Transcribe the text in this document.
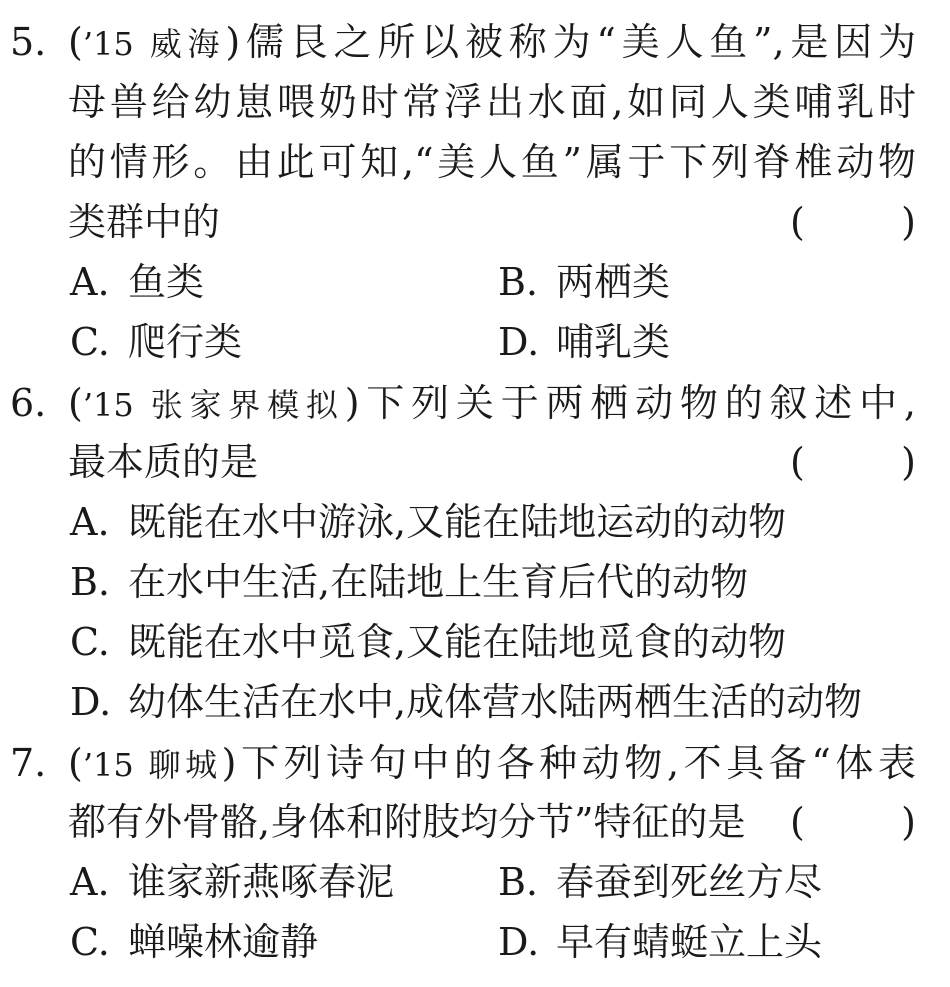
5. (’15 威海)儒艮之所以被称为“美人鱼”,是因为
母兽给幼崽喂奶时常浮出水面,如同人类哺乳时
的情形。由此可知,“美人鱼”属于下列脊椎动物
类群中的	(	)
A. 鱼类	B. 两栖类
C. 爬行类	D. 哺乳类
6. (’15 张家界模拟)下列关于两栖动物的叙述中,
最本质的是	(	)
A. 既能在水中游泳,又能在陆地运动的动物
B. 在水中生活,在陆地上生育后代的动物
C. 既能在水中觅食,又能在陆地觅食的动物
D. 幼体生活在水中,成体营水陆两栖生活的动物
7. (’15 聊城)下列诗句中的各种动物,不具备“体表
都有外骨骼,身体和附肢均分节”特征的是	(	)
A. 谁家新燕啄春泥	B. 春蚕到死丝方尽
C. 蝉噪林逾静	D. 早有蜻蜓立上头
